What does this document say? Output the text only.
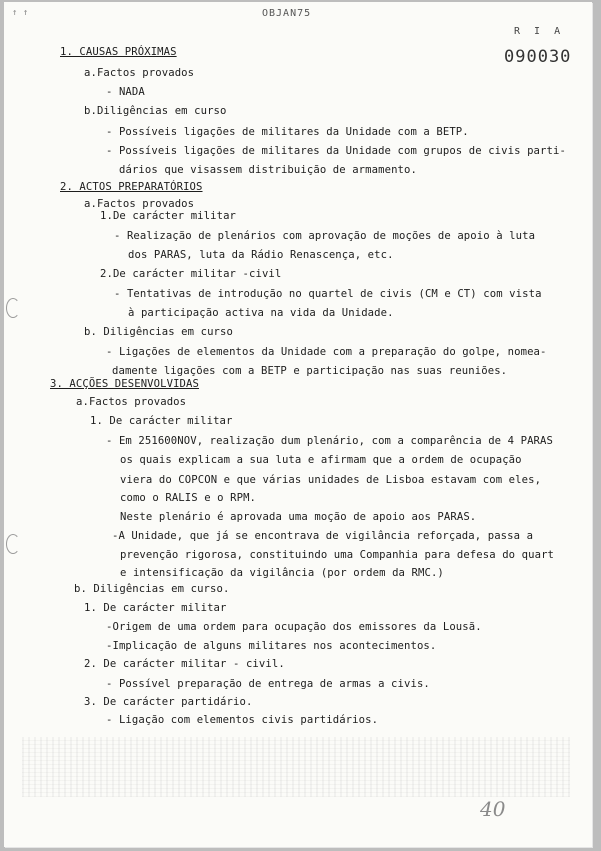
↑ ↑	OBJAN75
R I A
090030
1. CAUSAS PRÓXIMAS
a.Factos provados
- NADA
b.Diligências em curso
- Possíveis ligações de militares da Unidade com a BETP.
- Possíveis ligações de militares da Unidade com grupos de civis parti-
dários que visassem distribuição de armamento.
2. ACTOS PREPARATÓRIOS
a.Factos provados
1.De carácter militar
- Realização de plenários com aprovação de moções de apoio à luta
dos PARAS, luta da Rádio Renascença, etc.
2.De carácter militar -civil
- Tentativas de introdução no quartel de civis (CM e CT) com vista
à participação activa na vida da Unidade.
b. Diligências em curso
- Ligações de elementos da Unidade com a preparação do golpe, nomea-
damente ligações com a BETP e participação nas suas reuniões.
3. ACÇÕES DESENVOLVIDAS
a.Factos provados
1. De carácter militar
- Em 251600NOV, realização dum plenário, com a comparência de 4 PARAS
os quais explicam a sua luta e afirmam que a ordem de ocupação
viera do COPCON e que várias unidades de Lisboa estavam com eles,
como o RALIS e o RPM.
Neste plenário é aprovada uma moção de apoio aos PARAS.
-A Unidade, que já se encontrava de vigilância reforçada, passa a
prevenção rigorosa, constituindo uma Companhia para defesa do quart
e intensificação da vigilância (por ordem da RMC.)
b. Diligências em curso.
1. De carácter militar
-Origem de uma ordem para ocupação dos emissores da Lousã.
-Implicação de alguns militares nos acontecimentos.
2. De carácter militar - civil.
- Possível preparação de entrega de armas a civis.
3. De carácter partidário.
- Ligação com elementos civis partidários.
40
